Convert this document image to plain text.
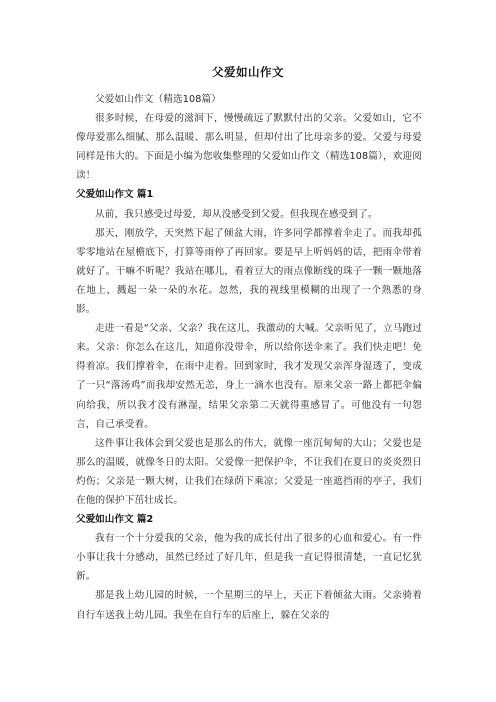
父爱如山作文

父爱如山作文（精选108篇）

很多时候，在母爱的滋润下，慢慢疏远了默默付出的父亲。父爱如山，它不像母爱那么细腻、那么温暖、那么明显，但却付出了比母亲多的爱。父爱与母爱同样是伟大的。下面是小编为您收集整理的父爱如山作文（精选108篇），欢迎阅读！

父爱如山作文 篇1

从前，我只感受过母爱，却从没感受到父爱。但我现在感受到了。

那天，刚放学，天突然下起了倾盆大雨，许多同学都撑着伞走了。而我却孤零零地站在屋檐底下，打算等雨停了再回家。要是早上听妈妈的话，把雨伞带着就好了。干嘛不听呢？我站在哪儿，看着豆大的雨点像断线的珠子一颗一颗地落在地上，溅起一朵一朵的水花。忽然，我的视线里模糊的出现了一个熟悉的身影。

走进一看是“父亲、父亲？我在这儿，我激动的大喊。父亲听见了，立马跑过来。父亲：你怎么在这儿，知道你没带伞，所以给你送伞来了。我们快走吧！免得着凉。我们撑着伞，在雨中走着。回到家时，我才发现父亲浑身湿透了，变成了一只“落汤鸡”而我却安然无恙，身上一滴水也没有。原来父亲一路上都把伞偏向给我，所以我才没有淋湿，结果父亲第二天就得重感冒了。可他没有一句怨言，自己承受着。

这件事让我体会到父爱也是那么的伟大，就像一座沉甸甸的大山；父爱也是那么的温暖，就像冬日的太阳。父爱像一把保护伞，不让我们在夏日的炎炎烈日灼伤；父亲是一颗大树，让我们在绿荫下乘凉；父爱是一座遮挡雨的亭子，我们在他的保护下茁壮成长。

父爱如山作文 篇2

我有一个十分爱我的父亲，他为我的成长付出了很多的心血和爱心。有一件小事让我十分感动，虽然已经过了好几年，但是我一直记得很清楚，一直记忆犹新。

那是我上幼儿园的时候，一个星期三的早上，天正下着倾盆大雨。父亲骑着自行车送我上幼儿园。我坐在自行车的后座上，躲在父亲的
